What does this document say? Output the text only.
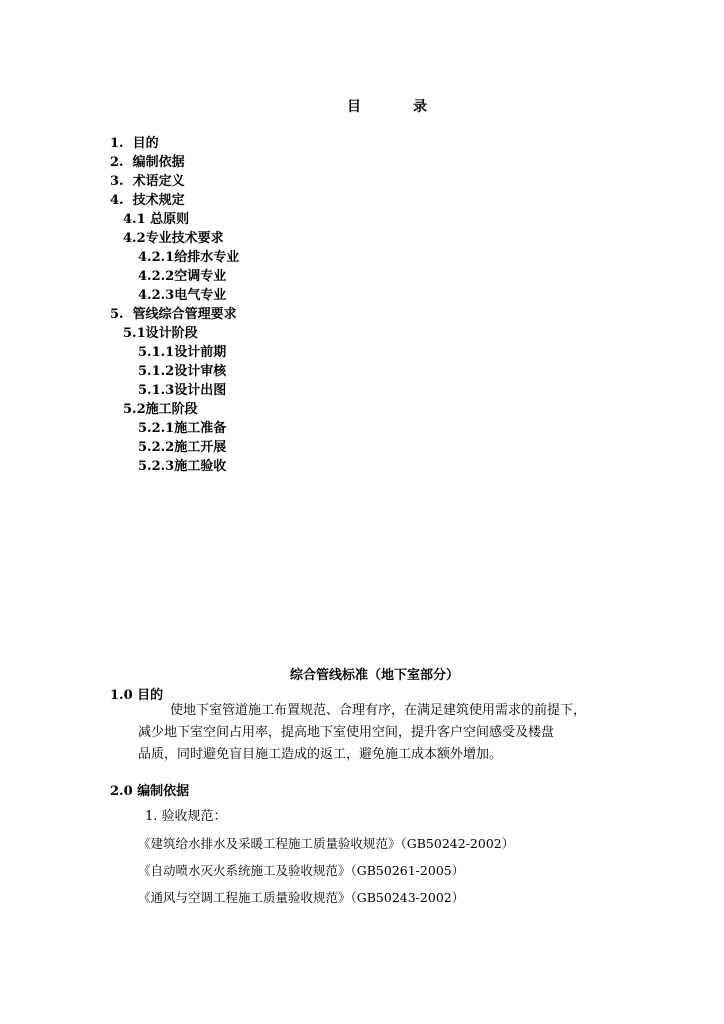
目	录
1. 目的
2. 编制依据
3. 术语定义
4. 技术规定
4.1 总原则
4.2专业技术要求
4.2.1给排水专业
4.2.2空调专业
4.2.3电气专业
5. 管线综合管理要求
5.1设计阶段
5.1.1设计前期
5.1.2设计审核
5.1.3设计出图
5.2施工阶段
5.2.1施工准备
5.2.2施工开展
5.2.3施工验收
综合管线标准（地下室部分）
1.0 目的
使地下室管道施工布置规范、合理有序，在满足建筑使用需求的前提下，
减少地下室空间占用率，提高地下室使用空间，提升客户空间感受及楼盘
品质，同时避免盲目施工造成的返工，避免施工成本额外增加。
2.0 编制依据
1. 验收规范：
《建筑给水排水及采暖工程施工质量验收规范》（GB50242-2002）
《自动喷水灭火系统施工及验收规范》（GB50261-2005）
《通风与空调工程施工质量验收规范》（GB50243-2002）
